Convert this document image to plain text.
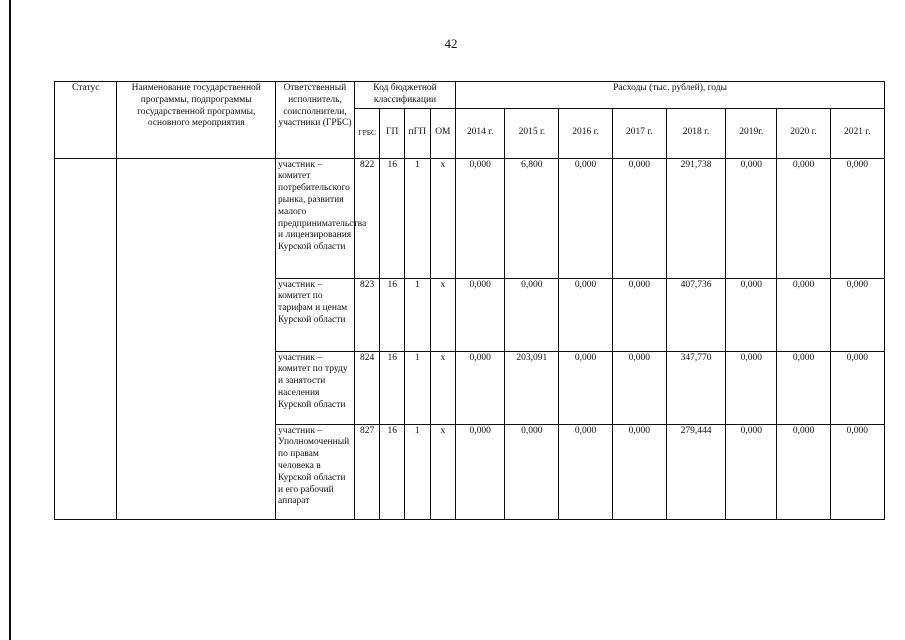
42
Статус	Наименование государственной программы, подпрограммы государственной программы, основного мероприятия	Ответственный исполнитель, соисполнители, участники (ГРБС)	Код бюджетной классификации				Расходы (тыс. рублей), годы							
			ГРБС	ГП	пГП	ОМ	2014 г.	2015 г.	2016 г.	2017 г.	2018 г.	2019г.	2020 г.	2021 г.
		участник – комитет потребительского рынка, развития малого предпринимательства и лицензирования Курской области	822	16	1	х	0,000	6,800	0,000	0,000	291,738	0,000	0,000	0,000
		участник – комитет по тарифам и ценам Курской области	823	16	1	х	0,000	0,000	0,000	0,000	407,736	0,000	0,000	0,000
		участник – комитет по труду и занятости населения Курской области	824	16	1	х	0,000	203,091	0,000	0,000	347,770	0,000	0,000	0,000
		участник – Уполномоченный по правам человека в Курской области и его рабочий аппарат	827	16	1	х	0,000	0,000	0,000	0,000	279,444	0,000	0,000	0,000
